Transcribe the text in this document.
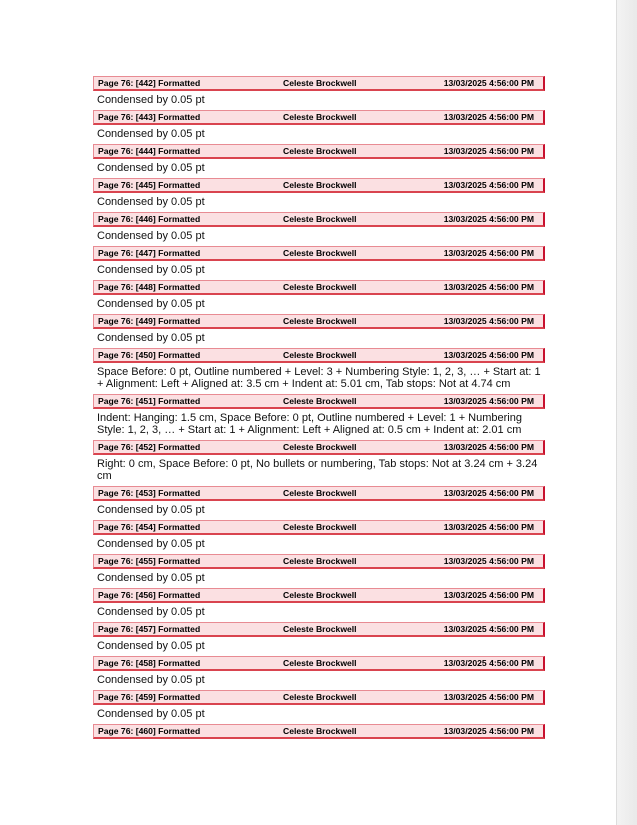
Page 76: [442] Formatted	Celeste Brockwell	13/03/2025 4:56:00 PM
Condensed by 0.05 pt
Page 76: [443] Formatted	Celeste Brockwell	13/03/2025 4:56:00 PM
Condensed by 0.05 pt
Page 76: [444] Formatted	Celeste Brockwell	13/03/2025 4:56:00 PM
Condensed by 0.05 pt
Page 76: [445] Formatted	Celeste Brockwell	13/03/2025 4:56:00 PM
Condensed by 0.05 pt
Page 76: [446] Formatted	Celeste Brockwell	13/03/2025 4:56:00 PM
Condensed by 0.05 pt
Page 76: [447] Formatted	Celeste Brockwell	13/03/2025 4:56:00 PM
Condensed by 0.05 pt
Page 76: [448] Formatted	Celeste Brockwell	13/03/2025 4:56:00 PM
Condensed by 0.05 pt
Page 76: [449] Formatted	Celeste Brockwell	13/03/2025 4:56:00 PM
Condensed by 0.05 pt
Page 76: [450] Formatted	Celeste Brockwell	13/03/2025 4:56:00 PM
Space Before: 0 pt, Outline numbered + Level: 3 + Numbering Style: 1, 2, 3, … + Start at: 1 + Alignment: Left + Aligned at: 3.5 cm + Indent at: 5.01 cm, Tab stops: Not at 4.74 cm
Page 76: [451] Formatted	Celeste Brockwell	13/03/2025 4:56:00 PM
Indent: Hanging: 1.5 cm, Space Before: 0 pt, Outline numbered + Level: 1 + Numbering Style: 1, 2, 3, … + Start at: 1 + Alignment: Left + Aligned at: 0.5 cm + Indent at: 2.01 cm
Page 76: [452] Formatted	Celeste Brockwell	13/03/2025 4:56:00 PM
Right: 0 cm, Space Before: 0 pt, No bullets or numbering, Tab stops: Not at 3.24 cm + 3.24 cm
Page 76: [453] Formatted	Celeste Brockwell	13/03/2025 4:56:00 PM
Condensed by 0.05 pt
Page 76: [454] Formatted	Celeste Brockwell	13/03/2025 4:56:00 PM
Condensed by 0.05 pt
Page 76: [455] Formatted	Celeste Brockwell	13/03/2025 4:56:00 PM
Condensed by 0.05 pt
Page 76: [456] Formatted	Celeste Brockwell	13/03/2025 4:56:00 PM
Condensed by 0.05 pt
Page 76: [457] Formatted	Celeste Brockwell	13/03/2025 4:56:00 PM
Condensed by 0.05 pt
Page 76: [458] Formatted	Celeste Brockwell	13/03/2025 4:56:00 PM
Condensed by 0.05 pt
Page 76: [459] Formatted	Celeste Brockwell	13/03/2025 4:56:00 PM
Condensed by 0.05 pt
Page 76: [460] Formatted	Celeste Brockwell	13/03/2025 4:56:00 PM
